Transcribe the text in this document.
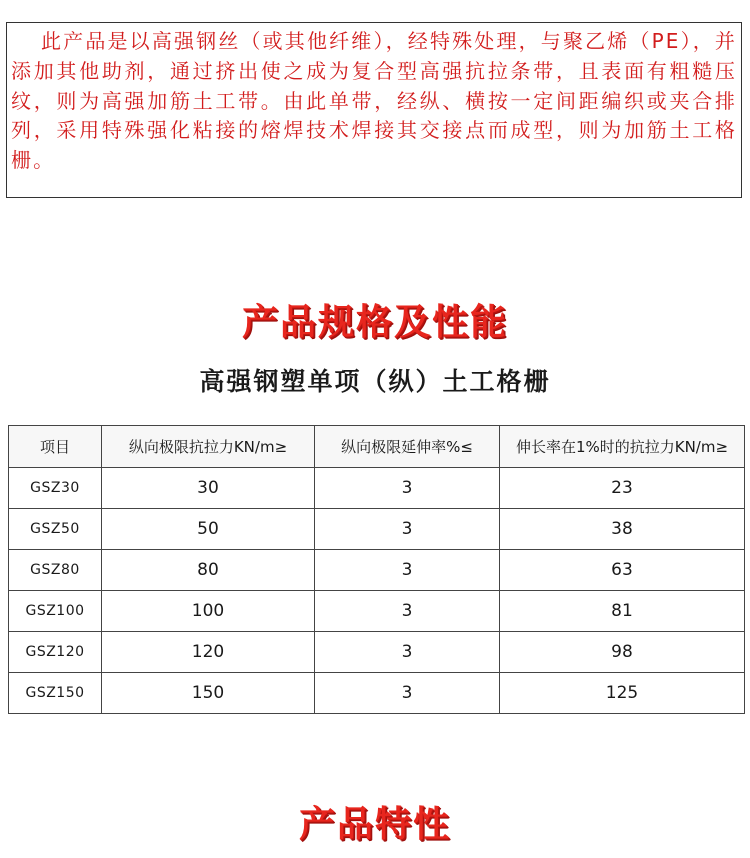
此产品是以高强钢丝（或其他纤维），经特殊处理，与聚乙烯（PE），并添加其他助剂，通过挤出使之成为复合型高强抗拉条带，且表面有粗糙压纹，则为高强加筋土工带。由此单带，经纵、横按一定间距编织或夹合排列，采用特殊强化粘接的熔焊技术焊接其交接点而成型，则为加筋土工格栅。

产品规格及性能
高强钢塑单项（纵）土工格栅
项目	纵向极限抗拉力KN/m≥	纵向极限延伸率%≤	伸长率在1%时的抗拉力KN/m≥
GSZ30	30	3	23
GSZ50	50	3	38
GSZ80	80	3	63
GSZ100	100	3	81
GSZ120	120	3	98
GSZ150	150	3	125
产品特性
